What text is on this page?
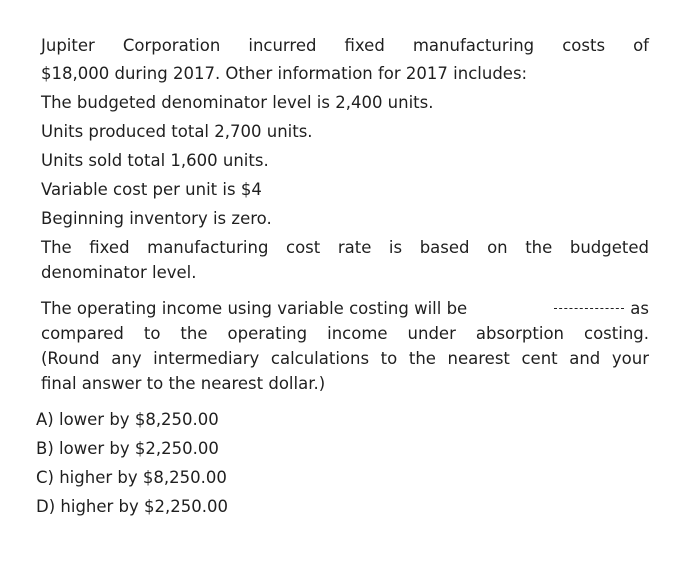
Jupiter Corporation incurred fixed manufacturing costs of
$18,000 during 2017. Other information for 2017 includes:
The budgeted denominator level is 2,400 units.
Units produced total 2,700 units.
Units sold total 1,600 units.
Variable cost per unit is $4
Beginning inventory is zero.
The fixed manufacturing cost rate is based on the budgeted
denominator level.
The operating income using variable costing will be	as
compared to the operating income under absorption costing.
(Round any intermediary calculations to the nearest cent and your
final answer to the nearest dollar.)
A) lower by $8,250.00
B) lower by $2,250.00
C) higher by $8,250.00
D) higher by $2,250.00
